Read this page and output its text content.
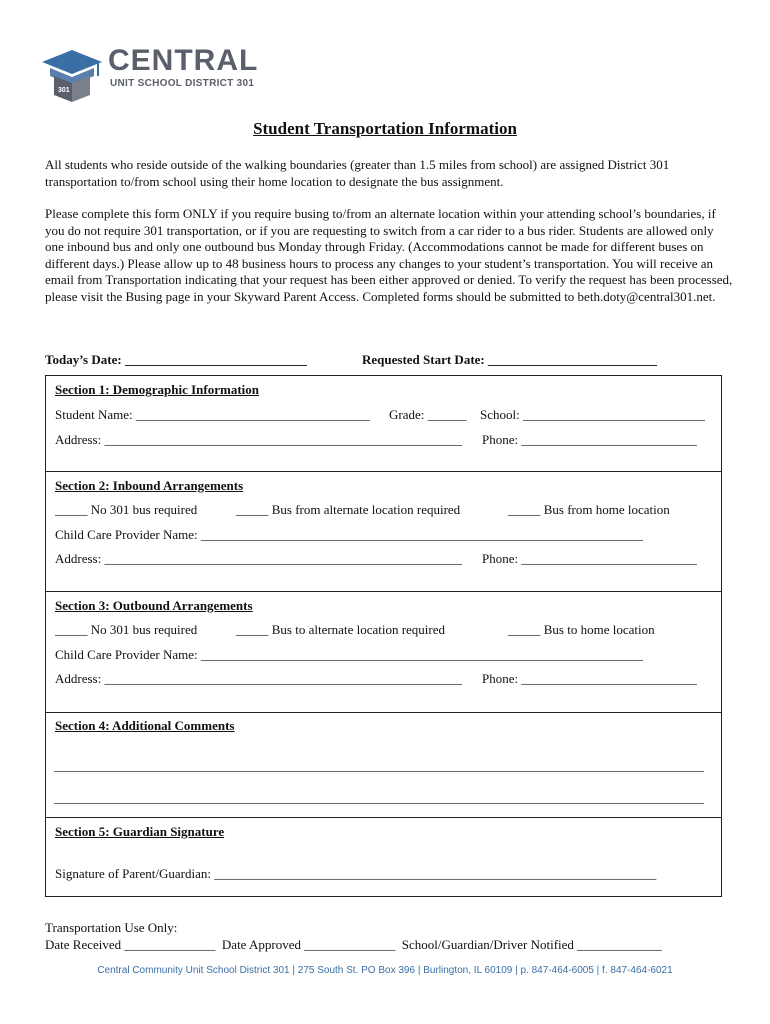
301
CENTRAL
UNIT SCHOOL DISTRICT 301
Student Transportation Information
All students who reside outside of the walking boundaries (greater than 1.5 miles from school) are assigned District 301 transportation to/from school using their home location to designate the bus assignment.
Please complete this form ONLY if you require busing to/from an alternate location within your attending school’s boundaries, if you do not require 301 transportation, or if you are requesting to switch from a car rider to a bus rider. Students are allowed only one inbound bus and only one outbound bus Monday through Friday. (Accommodations cannot be made for different buses on different days.) Please allow up to 48 business hours to process any changes to your student’s transportation. You will receive an email from Transportation indicating that your request has been either approved or denied. To verify the request has been processed, please visit the Busing page in your Skyward Parent Access. Completed forms should be submitted to beth.doty@central301.net.
Today’s Date: ____________________________	Requested Start Date: __________________________
Section 1: Demographic Information
Student Name: ____________________________________ Grade: ______ School: ____________________________
Address: _______________________________________________________ Phone: ___________________________
Section 2: Inbound Arrangements
_____ No 301 bus required	_____ Bus from alternate location required	_____ Bus from home location
Child Care Provider Name: ____________________________________________________________________
Address: _______________________________________________________ Phone: ___________________________
Section 3: Outbound Arrangements
_____ No 301 bus required	_____ Bus to alternate location required	_____ Bus to home location
Child Care Provider Name: ____________________________________________________________________
Address: _______________________________________________________ Phone: ___________________________
Section 4: Additional Comments
____________________________________________________________________________________________________
____________________________________________________________________________________________________
Section 5: Guardian Signature
Signature of Parent/Guardian: ____________________________________________________________________
Transportation Use Only:
Date Received ______________ Date Approved ______________ School/Guardian/Driver Notified _____________
Central Community Unit School District 301 | 275 South St. PO Box 396 | Burlington, IL 60109 | p. 847-464-6005 | f. 847-464-6021
